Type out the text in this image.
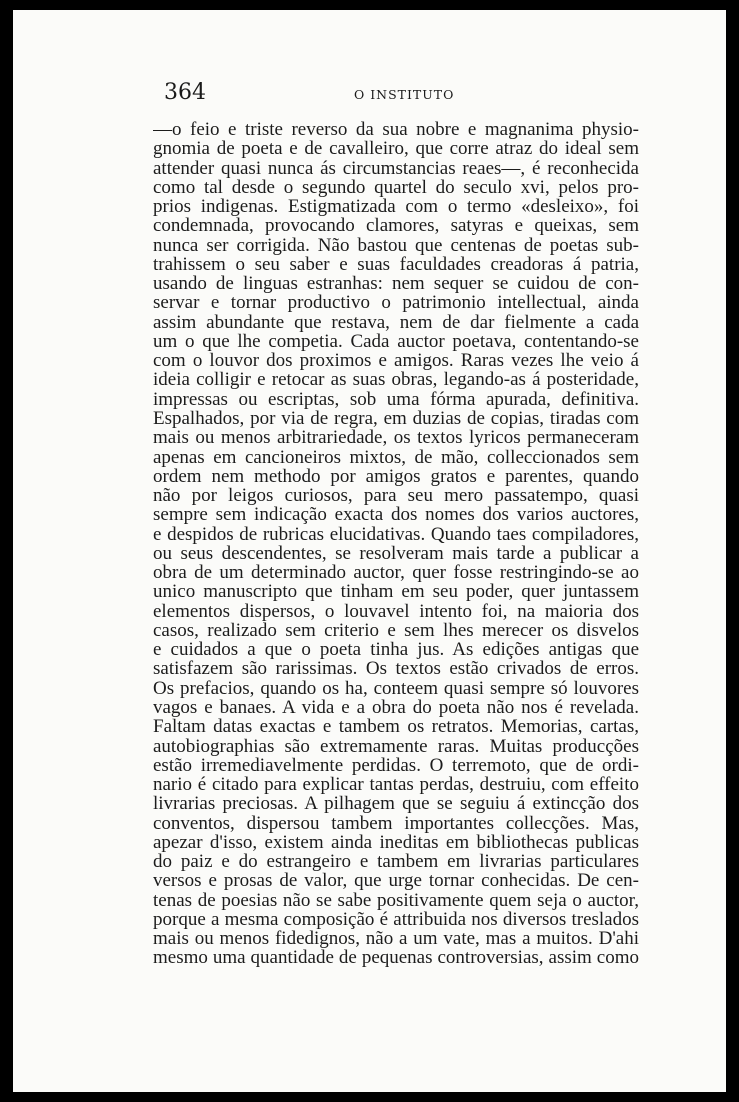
364	O INSTITUTO
—o feio e triste reverso da sua nobre e magnanima physio-
gnomia de poeta e de cavalleiro, que corre atraz do ideal sem
attender quasi nunca ás circumstancias reaes—, é reconhecida
como tal desde o segundo quartel do seculo xvi, pelos pro-
prios indigenas. Estigmatizada com o termo «desleixo», foi
condemnada, provocando clamores, satyras e queixas, sem
nunca ser corrigida. Não bastou que centenas de poetas sub-
trahissem o seu saber e suas faculdades creadoras á patria,
usando de linguas estranhas: nem sequer se cuidou de con-
servar e tornar productivo o patrimonio intellectual, ainda
assim abundante que restava, nem de dar fielmente a cada
um o que lhe competia. Cada auctor poetava, contentando-se
com o louvor dos proximos e amigos. Raras vezes lhe veio á
ideia colligir e retocar as suas obras, legando-as á posteridade,
impressas ou escriptas, sob uma fórma apurada, definitiva.
Espalhados, por via de regra, em duzias de copias, tiradas com
mais ou menos arbitrariedade, os textos lyricos permaneceram
apenas em cancioneiros mixtos, de mão, colleccionados sem
ordem nem methodo por amigos gratos e parentes, quando
não por leigos curiosos, para seu mero passatempo, quasi
sempre sem indicação exacta dos nomes dos varios auctores,
e despidos de rubricas elucidativas. Quando taes compiladores,
ou seus descendentes, se resolveram mais tarde a publicar a
obra de um determinado auctor, quer fosse restringindo-se ao
unico manuscripto que tinham em seu poder, quer juntassem
elementos dispersos, o louvavel intento foi, na maioria dos
casos, realizado sem criterio e sem lhes merecer os disvelos
e cuidados a que o poeta tinha jus. As edições antigas que
satisfazem são rarissimas. Os textos estão crivados de erros.
Os prefacios, quando os ha, conteem quasi sempre só louvores
vagos e banaes. A vida e a obra do poeta não nos é revelada.
Faltam datas exactas e tambem os retratos. Memorias, cartas,
autobiographias são extremamente raras. Muitas producções
estão irremediavelmente perdidas. O terremoto, que de ordi-
nario é citado para explicar tantas perdas, destruiu, com effeito
livrarias preciosas. A pilhagem que se seguiu á extincção dos
conventos, dispersou tambem importantes collecções. Mas,
apezar d'isso, existem ainda ineditas em bibliothecas publicas
do paiz e do estrangeiro e tambem em livrarias particulares
versos e prosas de valor, que urge tornar conhecidas. De cen-
tenas de poesias não se sabe positivamente quem seja o auctor,
porque a mesma composição é attribuida nos diversos treslados
mais ou menos fidedignos, não a um vate, mas a muitos. D'ahi
mesmo uma quantidade de pequenas controversias, assim como
